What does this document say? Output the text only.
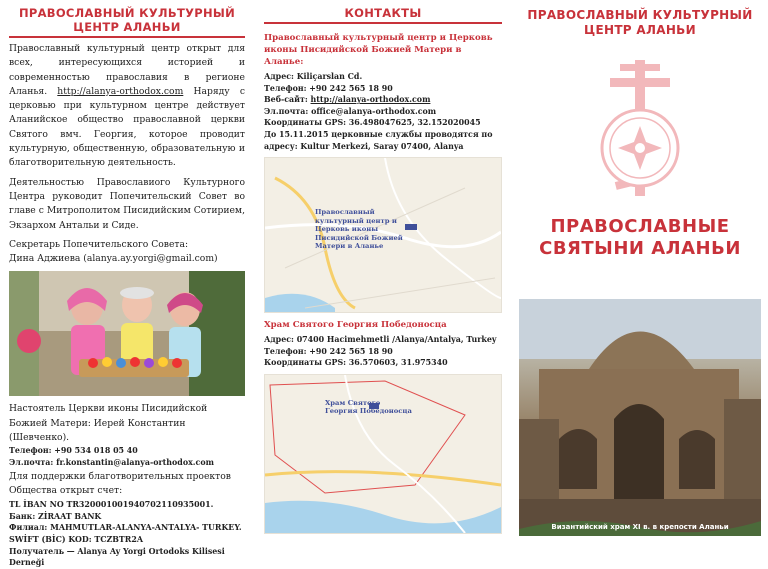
ПРАВОСЛАВНЫЙ КУЛЬТУРНЫЙ ЦЕНТР АЛАНЬИ

Православный культурный центр открыт для всех, интересующихся историей и современностью православия в регионе Аланья. http://alanya-orthodox.com Наряду с церковью при культурном центре действует Аланийское общество православной церкви Святого вмч. Георгия, которое проводит культурную, общественную, образовательную и благотворительную деятельность.

Деятельностью Православиого Культурного Центра руководит Попечительский Совет во главе с Митрополитом Писидийским Сотирием, Экзархом Антальи и Сиде.

Секретарь Попечительского Совета:
Дина Аджиева (alanya.ay.yorgi@gmail.com)

Настоятель Церкви иконы Писидийской Божией Матери: Иерей Константин (Шевченко).

Телефон: +90 534 018 05 40
Эл.почта: fr.konstantin@alanya-orthodox.com

Для поддержки благотворительных проектов Общества открыт счет:

TL İBAN NO TR320001001940702110935001.
Банк: ZİRAAT BANK
Филиал: MAHMUTLAR-ALANYA-ANTALYA- TURKEY.
SWİFT (BİC) KOD: TCZBTR2A
Получатель — Alanya Ay Yorgi Ortodoks Kilisesi Derneği
КОНТАКТЫ
Православный культурный центр и Церковь иконы Писидийской Божией Матери в Аланье:
Адрес: Kiliçarslan Cd.
Телефон: +90 242 565 18 90
Веб-сайт: http://alanya-orthodox.com
Эл.почта: office@alanya-orthodox.com
Координаты GPS: 36.498047625, 32.152020045
До 15.11.2015 церковные службы проводятся по адресу: Kultur Merkezi, Saray 07400, Alanya
Православный культурный центр и Церковь иконы Писидийской Божией Матери в Аланье
Храм Святого Георгия Победоносца
Адрес: 07400 Hacimehmetli /Alanya/Antalya, Turkey
Телефон: +90 242 565 18 90
Координаты GPS: 36.570603, 31.975340
Храм Святого Георгия Победоносца
ПРАВОСЛАВНЫЙ КУЛЬТУРНЫЙ ЦЕНТР АЛАНЬИ
ПРАВОСЛАВНЫЕ СВЯТЫНИ АЛАНЬИ
Византийский храм XI в. в крепости Аланьи
